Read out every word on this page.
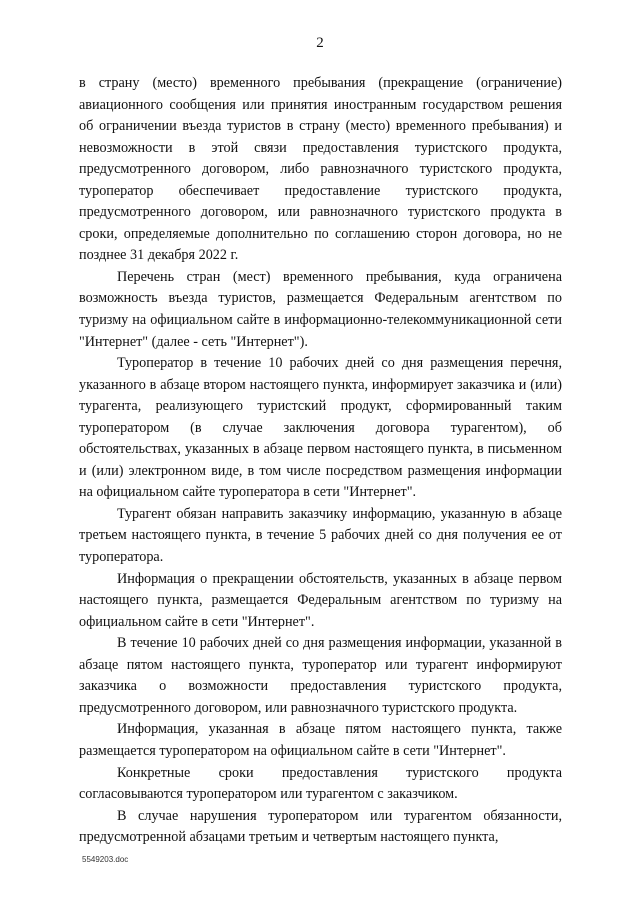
2

в страну (место) временного пребывания (прекращение (ограничение) авиационного сообщения или принятия иностранным государством решения об ограничении въезда туристов в страну (место) временного пребывания) и невозможности в этой связи предоставления туристского продукта, предусмотренного договором, либо равнозначного туристского продукта, туроператор обеспечивает предоставление туристского продукта, предусмотренного договором, или равнозначного туристского продукта в сроки, определяемые дополнительно по соглашению сторон договора, но не позднее 31 декабря 2022 г.

Перечень стран (мест) временного пребывания, куда ограничена возможность въезда туристов, размещается Федеральным агентством по туризму на официальном сайте в информационно-телекоммуникационной сети "Интернет" (далее - сеть "Интернет").

Туроператор в течение 10 рабочих дней со дня размещения перечня, указанного в абзаце втором настоящего пункта, информирует заказчика и (или) турагента, реализующего туристский продукт, сформированный таким туроператором (в случае заключения договора турагентом), об обстоятельствах, указанных в абзаце первом настоящего пункта, в письменном и (или) электронном виде, в том числе посредством размещения информации на официальном сайте туроператора в сети "Интернет".

Турагент обязан направить заказчику информацию, указанную в абзаце третьем настоящего пункта, в течение 5 рабочих дней со дня получения ее от туроператора.

Информация о прекращении обстоятельств, указанных в абзаце первом настоящего пункта, размещается Федеральным агентством по туризму на официальном сайте в сети "Интернет".

В течение 10 рабочих дней со дня размещения информации, указанной в абзаце пятом настоящего пункта, туроператор или турагент информируют заказчика о возможности предоставления туристского продукта, предусмотренного договором, или равнозначного туристского продукта.

Информация, указанная в абзаце пятом настоящего пункта, также размещается туроператором на официальном сайте в сети "Интернет".

Конкретные сроки предоставления туристского продукта согласовываются туроператором или турагентом с заказчиком.

В случае нарушения туроператором или турагентом обязанности, предусмотренной абзацами третьим и четвертым настоящего пункта,

5549203.doc
